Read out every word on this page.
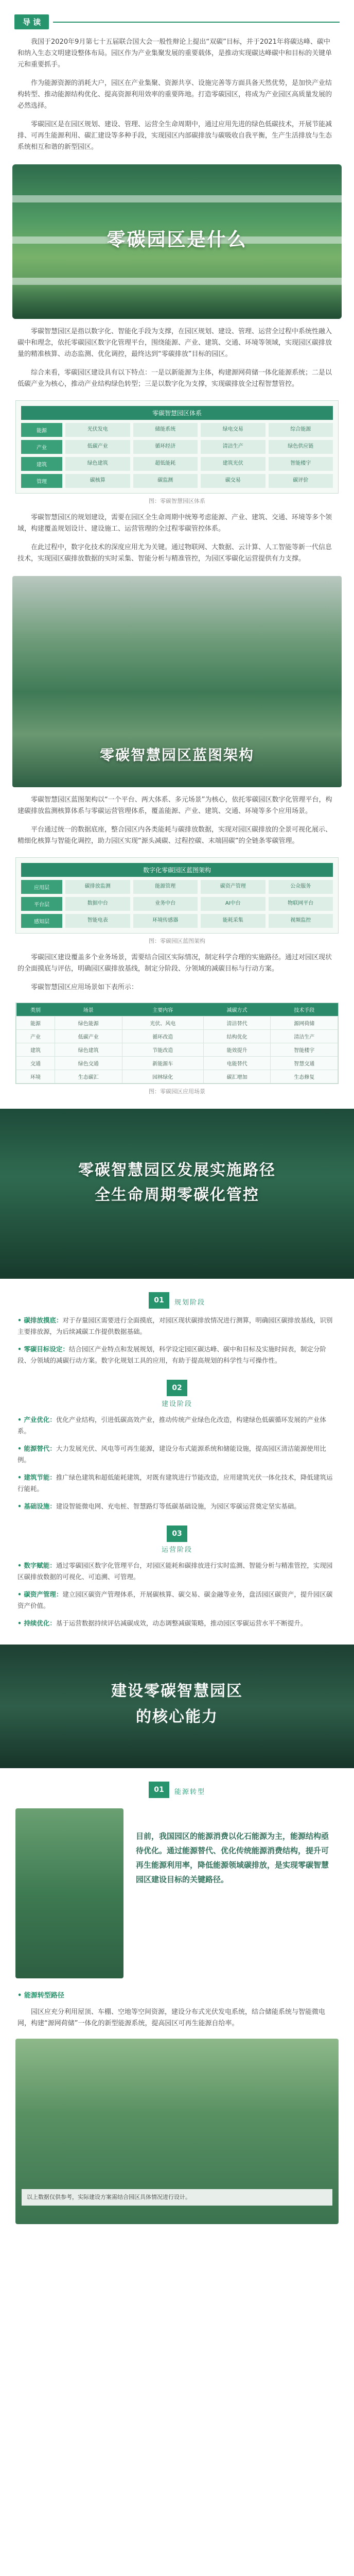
导 读

我国于2020年9月第七十五届联合国大会一般性辩论上提出“双碳”目标，并于2021年将碳达峰、碳中和纳入生态文明建设整体布局。园区作为产业集聚发展的重要载体，是推动实现碳达峰碳中和目标的关键单元和重要抓手。

作为能源资源的消耗大户，园区在产业集聚、资源共享、设施完善等方面具备天然优势，是加快产业结构转型、推动能源结构优化、提高资源利用效率的重要阵地。打造零碳园区，将成为产业园区高质量发展的必然选择。

零碳园区是在园区规划、建设、管理、运营全生命周期中，通过应用先进的绿色低碳技术，开展节能减排、可再生能源利用、碳汇建设等多种手段，实现园区内部碳排放与碳吸收自我平衡，生产生活排放与生态系统相互和谐的新型园区。

零碳园区是什么

零碳智慧园区是指以数字化、智能化手段为支撑，在园区规划、建设、管理、运营全过程中系统性融入碳中和理念，依托零碳园区数字化管理平台，围绕能源、产业、建筑、交通、环境等领域，实现园区碳排放量的精准核算、动态监测、优化调控，最终达到“零碳排放”目标的园区。

综合来看，零碳园区建设具有以下特点：一是以新能源为主体，构建源网荷储一体化能源系统；二是以低碳产业为核心，推动产业结构绿色转型；三是以数字化为支撑，实现碳排放全过程智慧管控。

零碳智慧园区体系
能源	光伏发电	储能系统	绿电交易	综合能源
产业	低碳产业	循环经济	清洁生产	绿色供应链
建筑	绿色建筑	超低能耗	建筑光伏	智能楼宇
管理	碳核算	碳监测	碳交易	碳评价
图：零碳智慧园区体系

零碳智慧园区的规划建设，需要在园区全生命周期中统筹考虑能源、产业、建筑、交通、环境等多个领域，构建覆盖规划设计、建设施工、运营管理的全过程零碳管控体系。

在此过程中，数字化技术的深度应用尤为关键。通过物联网、大数据、云计算、人工智能等新一代信息技术，实现园区碳排放数据的实时采集、智能分析与精准管控，为园区零碳化运营提供有力支撑。

零碳智慧园区蓝图架构

零碳智慧园区蓝图架构以“一个平台、两大体系、多元场景”为核心，依托零碳园区数字化管理平台，构建碳排放监测核算体系与零碳运营管理体系，覆盖能源、产业、建筑、交通、环境等多个应用场景。

平台通过统一的数据底座，整合园区内各类能耗与碳排放数据，实现对园区碳排放的全景可视化展示、精细化核算与智能化调控，助力园区实现“源头减碳、过程控碳、末端固碳”的全链条零碳管理。

数字化零碳园区蓝图架构
应用层	碳排放监测	能源管理	碳资产管理	公众服务
平台层	数据中台	业务中台	AI中台	物联网平台
感知层	智能电表	环境传感器	能耗采集	视频监控
图：零碳园区蓝图架构

零碳园区建设覆盖多个业务场景，需要结合园区实际情况，制定科学合理的实施路径。通过对园区现状的全面摸底与评估，明确园区碳排放基线，制定分阶段、分领域的减碳目标与行动方案。

零碳智慧园区应用场景如下表所示：

类别	场景	主要内容	减碳方式	技术手段
能源	绿色能源	光伏、风电	清洁替代	源网荷储
产业	低碳产业	循环改造	结构优化	清洁生产
建筑	绿色建筑	节能改造	能效提升	智能楼宇
交通	绿色交通	新能源车	电能替代	智慧交通
环境	生态碳汇	园林绿化	碳汇增加	生态修复
图：零碳园区应用场景
零碳智慧园区发展实施路径
全生命周期零碳化管控
01	规划阶段

• 碳排放摸底：对于存量园区需要进行全面摸底，对园区现状碳排放情况进行测算，明确园区碳排放基线，识别主要排放源，为后续减碳工作提供数据基础。

• 零碳目标设定：结合园区产业特点和发展规划，科学设定园区碳达峰、碳中和目标及实施时间表，制定分阶段、分领域的减碳行动方案。数字化规划工具的应用，有助于提高规划的科学性与可操作性。

02
建设阶段

• 产业优化：优化产业结构，引进低碳高效产业，推动传统产业绿色化改造，构建绿色低碳循环发展的产业体系。

• 能源替代：大力发展光伏、风电等可再生能源，建设分布式能源系统和储能设施，提高园区清洁能源使用比例。

• 建筑节能：推广绿色建筑和超低能耗建筑，对既有建筑进行节能改造，应用建筑光伏一体化技术，降低建筑运行能耗。

• 基础设施：建设智能微电网、充电桩、智慧路灯等低碳基础设施，为园区零碳运营奠定坚实基础。

03
运营阶段

• 数字赋能：通过零碳园区数字化管理平台，对园区能耗和碳排放进行实时监测、智能分析与精准管控，实现园区碳排放数据的可视化、可追溯、可管理。

• 碳资产管理：建立园区碳资产管理体系，开展碳核算、碳交易、碳金融等业务，盘活园区碳资产，提升园区碳资产价值。

• 持续优化：基于运营数据持续评估减碳成效，动态调整减碳策略，推动园区零碳运营水平不断提升。

建设零碳智慧园区
的核心能力
01	能源转型
目前，我国园区的能源消费以化石能源为主，能源结构亟待优化。通过能源替代、优化传统能源消费结构，提升可再生能源利用率，降低能源领域碳排放，是实现零碳智慧园区建设目标的关键路径。
• 能源转型路径

园区应充分利用屋顶、车棚、空地等空间资源，建设分布式光伏发电系统，结合储能系统与智能微电网，构建“源网荷储”一体化的新型能源系统，提高园区可再生能源自给率。

以上数据仅供参考，实际建设方案需结合园区具体情况进行设计。
